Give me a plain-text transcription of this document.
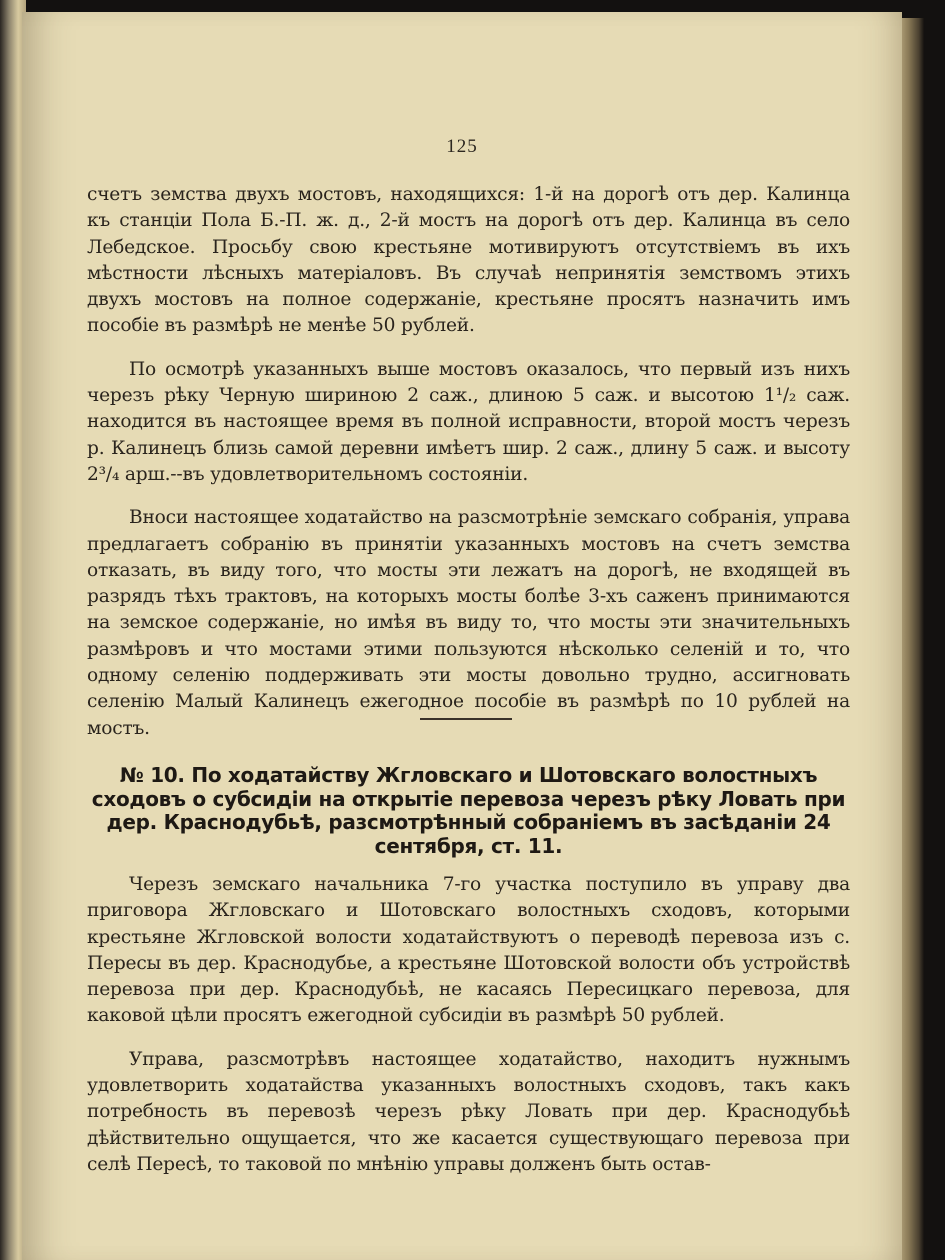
125

счетъ земства двухъ мостовъ, находящихся: 1-й на дорогѣ отъ дер. Калинца къ станціи Пола Б.-П. ж. д., 2-й мостъ на дорогѣ отъ дер. Калинца въ село Лебедское. Просьбу свою крестьяне мотивируютъ отсутствіемъ въ ихъ мѣстности лѣсныхъ матеріаловъ. Въ случаѣ непринятія земствомъ этихъ двухъ мостовъ на полное содержаніе, крестьяне просятъ назначить имъ пособіе въ размѣрѣ не менѣе 50 рублей.

По осмотрѣ указанныхъ выше мостовъ оказалось, что первый изъ нихъ черезъ рѣку Черную шириною 2 саж., длиною 5 саж. и высотою 1¹/₂ саж. находится въ настоящее время въ полной исправности, второй мостъ черезъ р. Калинецъ близь самой деревни имѣетъ шир. 2 саж., длину 5 саж. и высоту 2³/₄ арш.--въ удовлетворительномъ состояніи.

Вноси настоящее ходатайство на разсмотрѣніе земскаго собранія, управа предлагаетъ собранію въ принятіи указанныхъ мостовъ на счетъ земства отказать, въ виду того, что мосты эти лежатъ на дорогѣ, не входящей въ разрядъ тѣхъ трактовъ, на которыхъ мосты болѣе 3-хъ саженъ принимаются на земское содержаніе, но имѣя въ виду то, что мосты эти значительныхъ размѣровъ и что мостами этими пользуются нѣсколько селеній и то, что одному селенію поддерживать эти мосты довольно трудно, ассигновать селенію Малый Калинецъ ежегодное пособіе въ размѣрѣ по 10 рублей на мостъ.

№ 10. По ходатайству Жгловскаго и Шотовскаго волостныхъ сходовъ о субсидіи на открытіе перевоза черезъ рѣку Ловать при дер. Краснодубьѣ, разсмотрѣнный собраніемъ въ засѣданіи 24 сентября, ст. 11.

Черезъ земскаго начальника 7-го участка поступило въ управу два приговора Жгловскаго и Шотовскаго волостныхъ сходовъ, которыми крестьяне Жгловской волости ходатайствуютъ о переводѣ перевоза изъ с. Пересы въ дер. Краснодубье, а крестьяне Шотовской волости объ устройствѣ перевоза при дер. Краснодубьѣ, не касаясь Пересицкаго перевоза, для каковой цѣли просятъ ежегодной субсидіи въ размѣрѣ 50 рублей.

Управа, разсмотрѣвъ настоящее ходатайство, находитъ нужнымъ удовлетворить ходатайства указанныхъ волостныхъ сходовъ, такъ какъ потребность въ перевозѣ черезъ рѣку Ловать при дер. Краснодубьѣ дѣйствительно ощущается, что же касается существующаго перевоза при селѣ Пересѣ, то таковой по мнѣнію управы долженъ быть остав-
